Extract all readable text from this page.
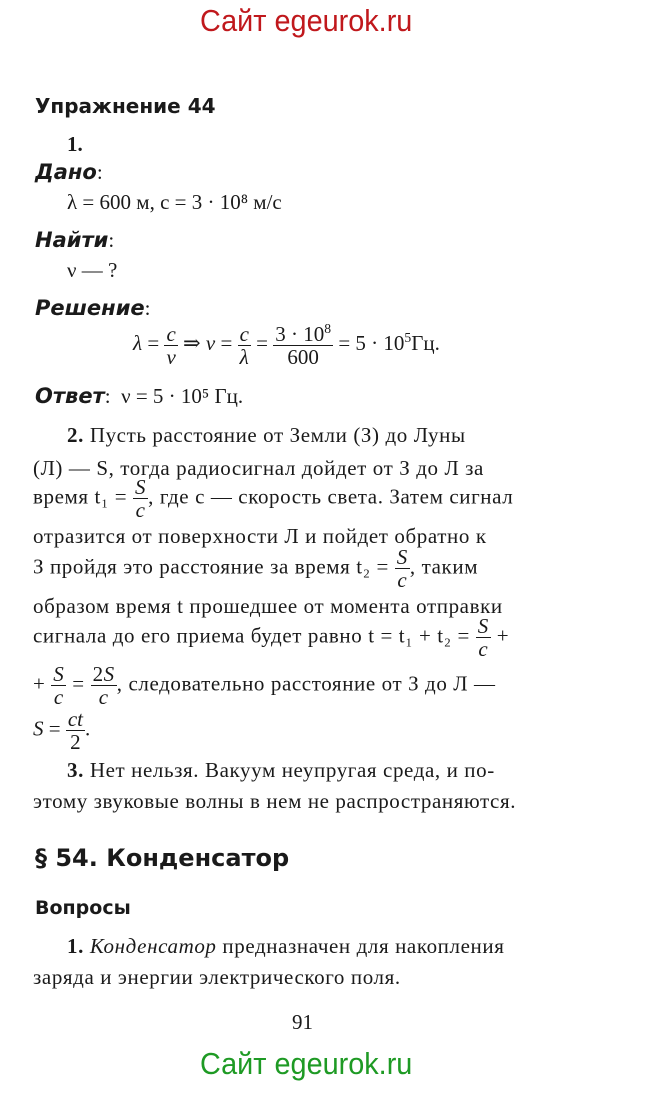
Сайт egeurok.ru
Упражнение 44
1.
Дано:
λ = 600 м, c = 3 · 10⁸ м/с
Найти:
ν — ?
Решение:
$\lambda = \frac{c}{\nu}$ ⇒ $\nu = \frac{c}{\lambda} = \frac{3 \cdot 10^8}{600} = 5 \cdot 10^5Гц$.
Ответ:  ν = 5 · 10⁵ Гц.
2. Пусть расстояние от Земли (З) до Луны
(Л) — S, тогда радиосигнал дойдет от З до Л за
время $t_1 = \frac{S}{c}$ , где c — скорость света. Затем сигнал
отразится от поверхности Л и пойдет обратно к
З пройдя это расстояние за время $t_2 = \frac{S}{c}$ , таким
образом время t прошедшее от момента отправки
сигнала до его приема будет равно $t = t_1 + t_2 = \frac{S}{c}$ +
+ $\frac{S}{c} = \frac{2S}{c}$ , следовательно расстояние от З до Л —
$S = \frac{ct}{2}$ .
3. Нет нельзя. Вакуум неупругая среда, и по-
этому звуковые волны в нем не распространяются.
§ 54. Конденсатор
Вопросы
1. Конденсатор предназначен для накопления
заряда и энергии электрического поля.
91
Сайт egeurok.ru
